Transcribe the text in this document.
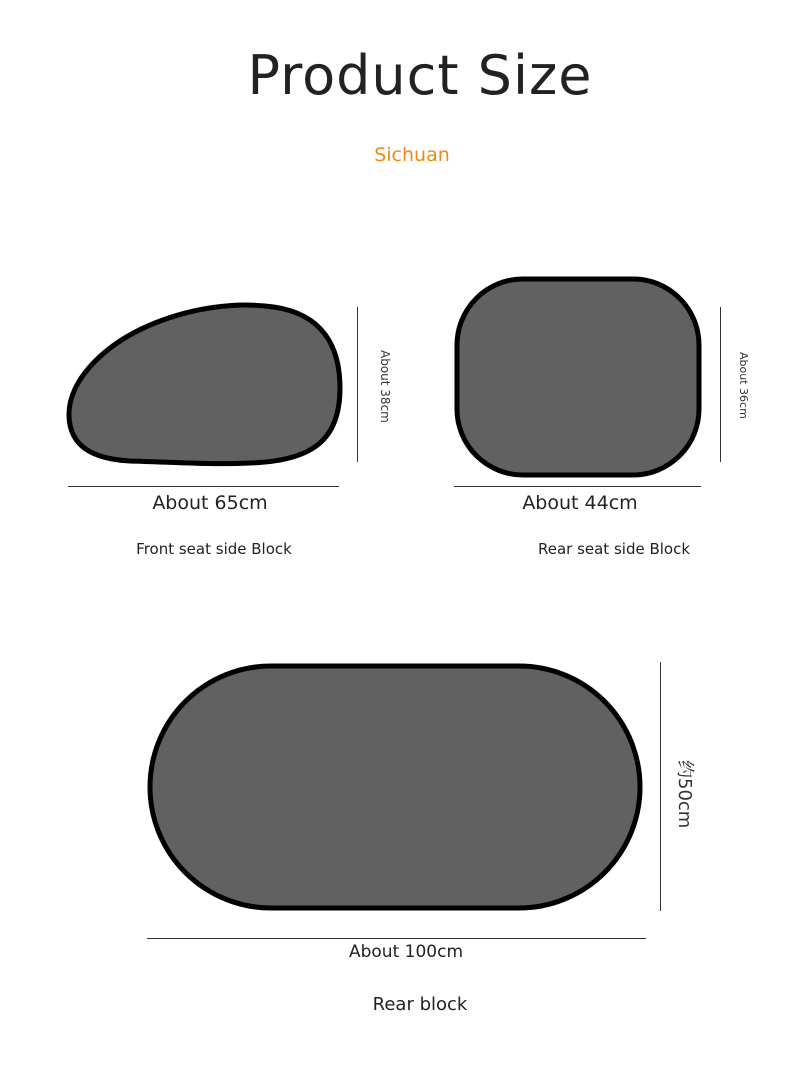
Product Size
Sichuan
About 38cm
About 65cm
Front seat side Block
About 36cm
About 44cm
Rear seat side Block
约50cm
About 100cm
Rear block
